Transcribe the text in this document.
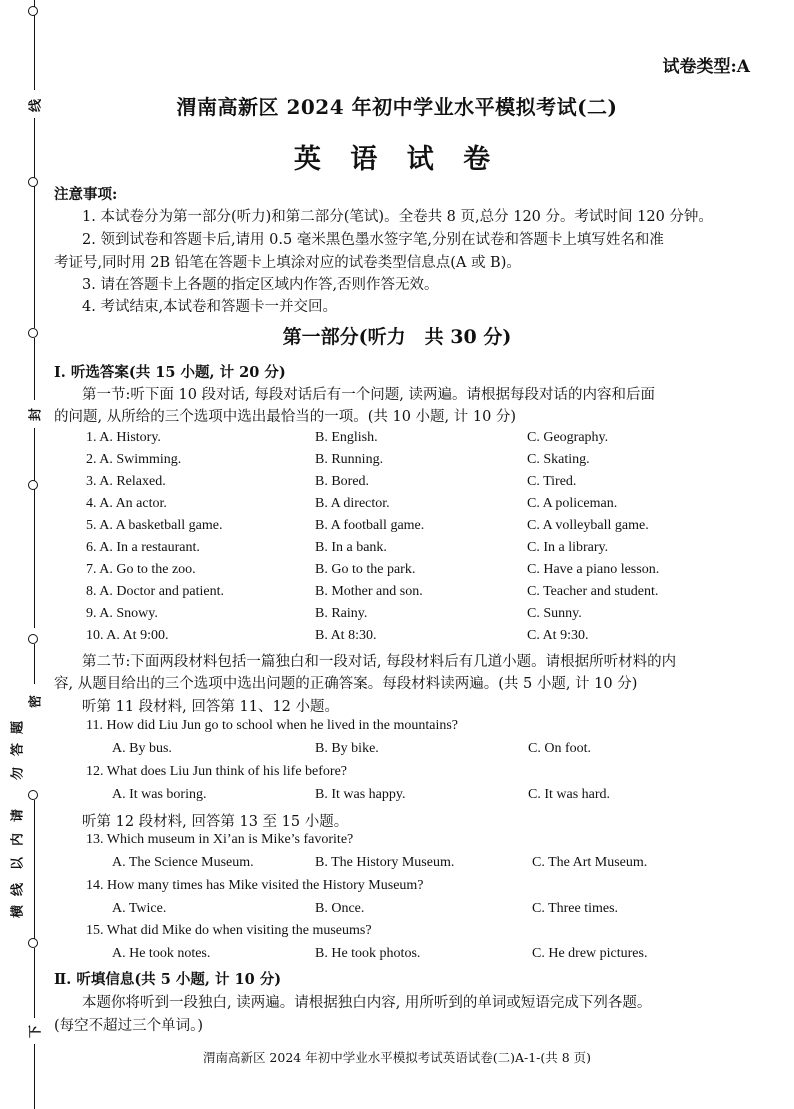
线
封
密
题
答
勿
请
内
以
线
横
下
试卷类型:A
渭南高新区 2024 年初中学业水平模拟考试(二)
英 语 试 卷
注意事项:
1. 本试卷分为第一部分(听力)和第二部分(笔试)。全卷共 8 页,总分 120 分。考试时间 120 分钟。
2. 领到试卷和答题卡后,请用 0.5 毫米黑色墨水签字笔,分别在试卷和答题卡上填写姓名和准
考证号,同时用 2B 铅笔在答题卡上填涂对应的试卷类型信息点(A 或 B)。
3. 请在答题卡上各题的指定区域内作答,否则作答无效。
4. 考试结束,本试卷和答题卡一并交回。
第一部分(听力　共 30 分)
Ⅰ. 听选答案(共 15 小题, 计 20 分)
第一节:听下面 10 段对话, 每段对话后有一个问题, 读两遍。请根据每段对话的内容和后面
的问题, 从所给的三个选项中选出最恰当的一项。(共 10 小题, 计 10 分)
1. A. History.	B. English.	C. Geography.
2. A. Swimming.	B. Running.	C. Skating.
3. A. Relaxed.	B. Bored.	C. Tired.
4. A. An actor.	B. A director.	C. A policeman.
5. A. A basketball game.	B. A football game.	C. A volleyball game.
6. A. In a restaurant.	B. In a bank.	C. In a library.
7. A. Go to the zoo.	B. Go to the park.	C. Have a piano lesson.
8. A. Doctor and patient.	B. Mother and son.	C. Teacher and student.
9. A. Snowy.	B. Rainy.	C. Sunny.
10. A. At 9:00.	B. At 8:30.	C. At 9:30.
第二节:下面两段材料包括一篇独白和一段对话, 每段材料后有几道小题。请根据所听材料的内
容, 从题目给出的三个选项中选出问题的正确答案。每段材料读两遍。(共 5 小题, 计 10 分)
听第 11 段材料, 回答第 11、12 小题。
11. How did Liu Jun go to school when he lived in the mountains?
A. By bus.	B. By bike.	C. On foot.
12. What does Liu Jun think of his life before?
A. It was boring.	B. It was happy.	C. It was hard.
听第 12 段材料, 回答第 13 至 15 小题。
13. Which museum in Xi’an is Mike’s favorite?
A. The Science Museum.	B. The History Museum.	C. The Art Museum.
14. How many times has Mike visited the History Museum?
A. Twice.	B. Once.	C. Three times.
15. What did Mike do when visiting the museums?
A. He took notes.	B. He took photos.	C. He drew pictures.
Ⅱ. 听填信息(共 5 小题, 计 10 分)
本题你将听到一段独白, 读两遍。请根据独白内容, 用所听到的单词或短语完成下列各题。
(每空不超过三个单词。)
渭南高新区 2024 年初中学业水平模拟考试英语试卷(二)A-1-(共 8 页)
